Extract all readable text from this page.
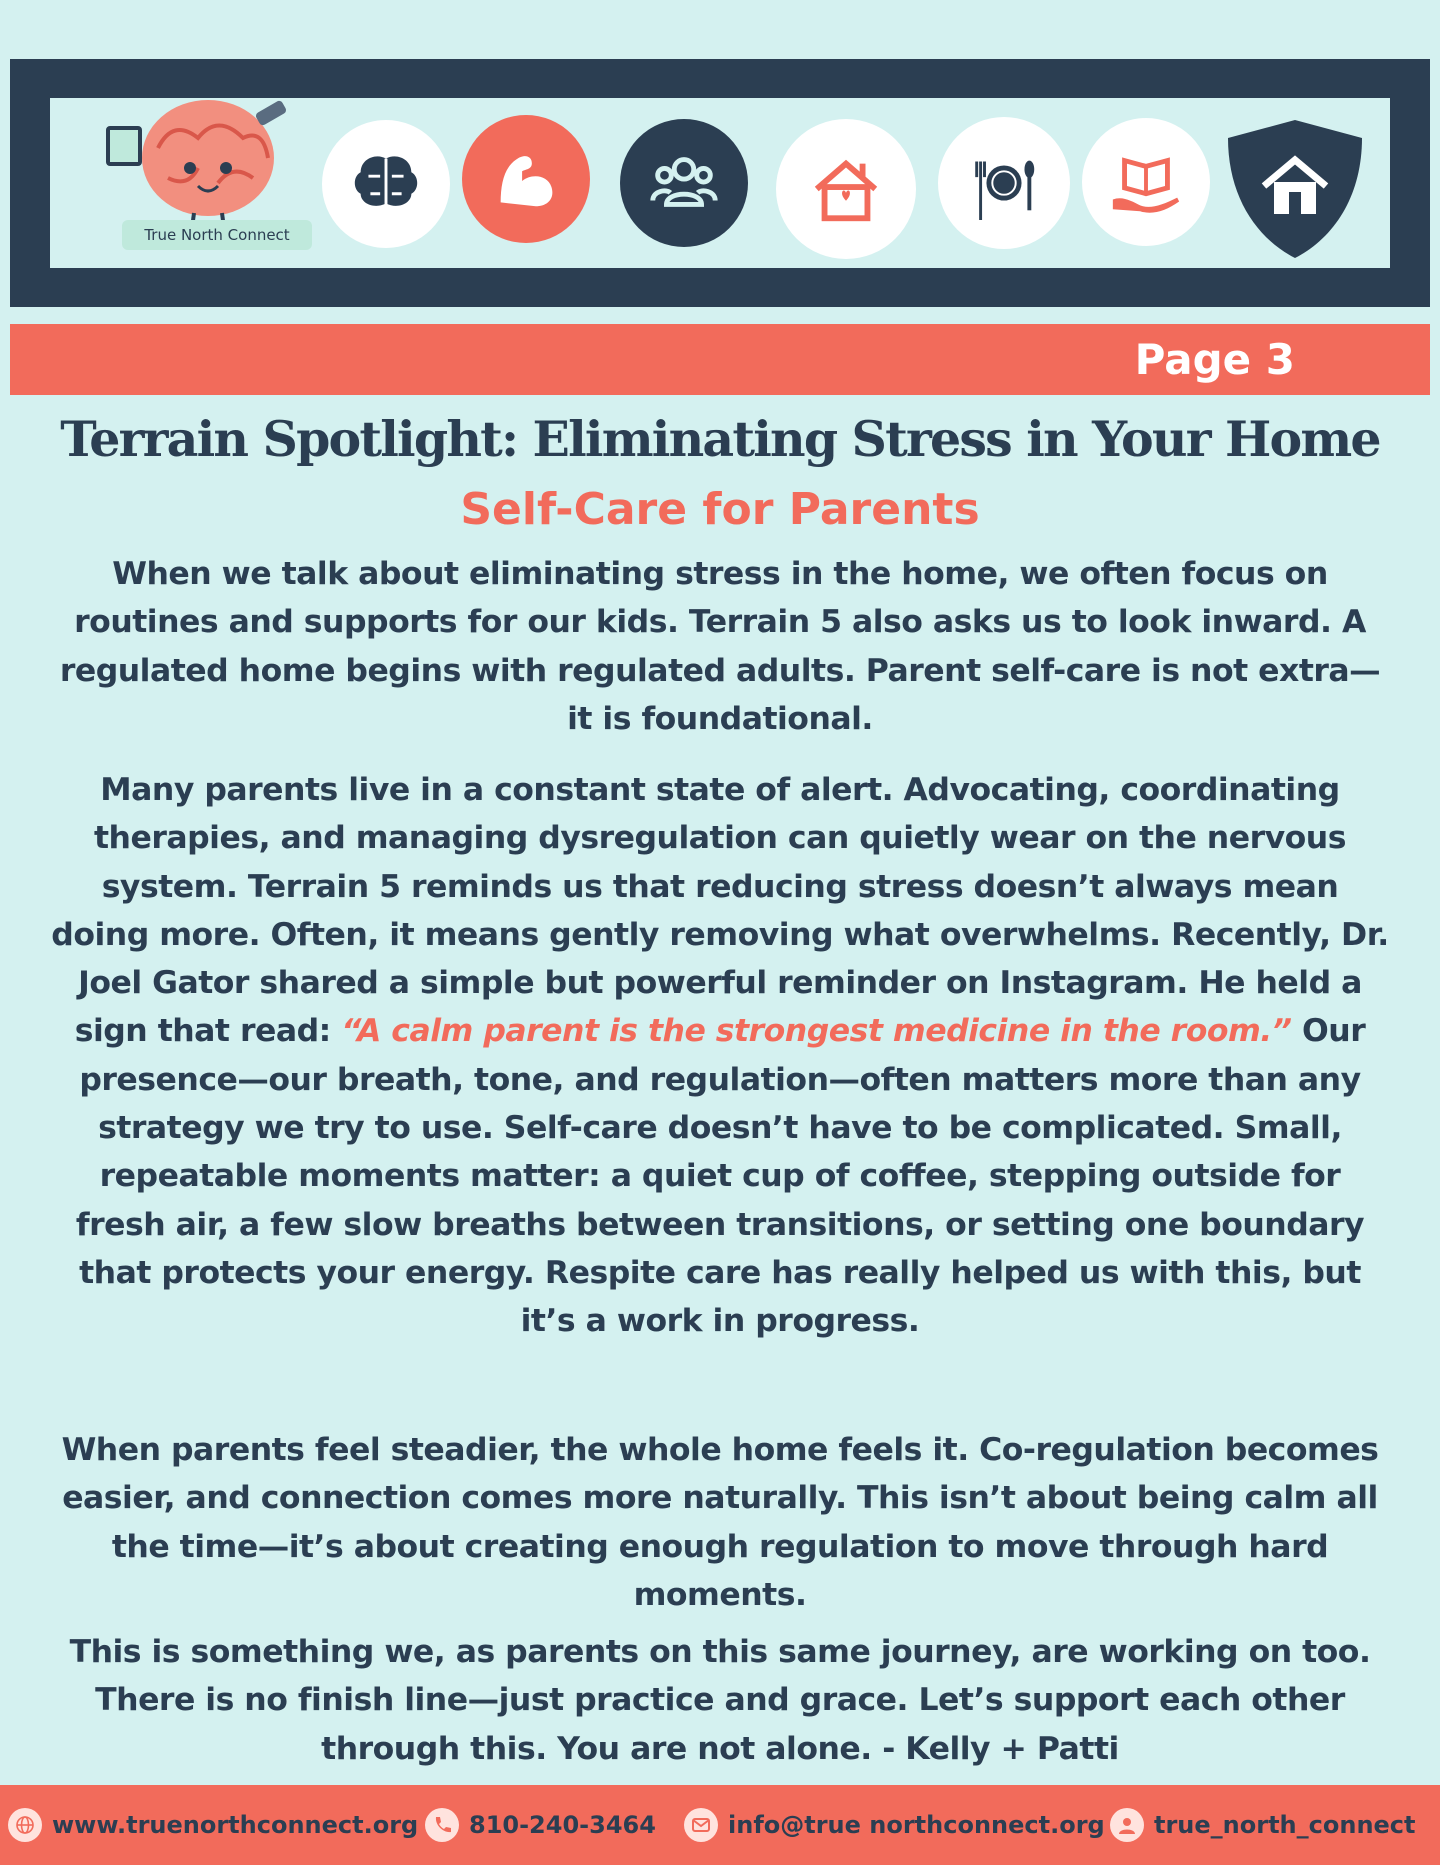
True North Connect
Page 3
Terrain Spotlight: Eliminating Stress in Your Home
Self-Care for Parents
When we talk about eliminating stress in the home, we often focus on routines and supports for our kids. Terrain 5 also asks us to look inward. A regulated home begins with regulated adults. Parent self-care is not extra—it is foundational.
Many parents live in a constant state of alert. Advocating, coordinating therapies, and managing dysregulation can quietly wear on the nervous system. Terrain 5 reminds us that reducing stress doesn’t always mean doing more. Often, it means gently removing what overwhelms. Recently, Dr. Joel Gator shared a simple but powerful reminder on Instagram. He held a sign that read: “A calm parent is the strongest medicine in the room.” Our presence—our breath, tone, and regulation—often matters more than any strategy we try to use. Self-care doesn’t have to be complicated. Small, repeatable moments matter: a quiet cup of coffee, stepping outside for fresh air, a few slow breaths between transitions, or setting one boundary that protects your energy. Respite care has really helped us with this, but it’s a work in progress.
When parents feel steadier, the whole home feels it. Co-regulation becomes easier, and connection comes more naturally. This isn’t about being calm all the time—it’s about creating enough regulation to move through hard moments.
This is something we, as parents on this same journey, are working on too. There is no finish line—just practice and grace. Let’s support each other through this. You are not alone. - Kelly + Patti
www.truenorthconnect.org 810-240-3464	info@true northconnect.org true_north_connect
